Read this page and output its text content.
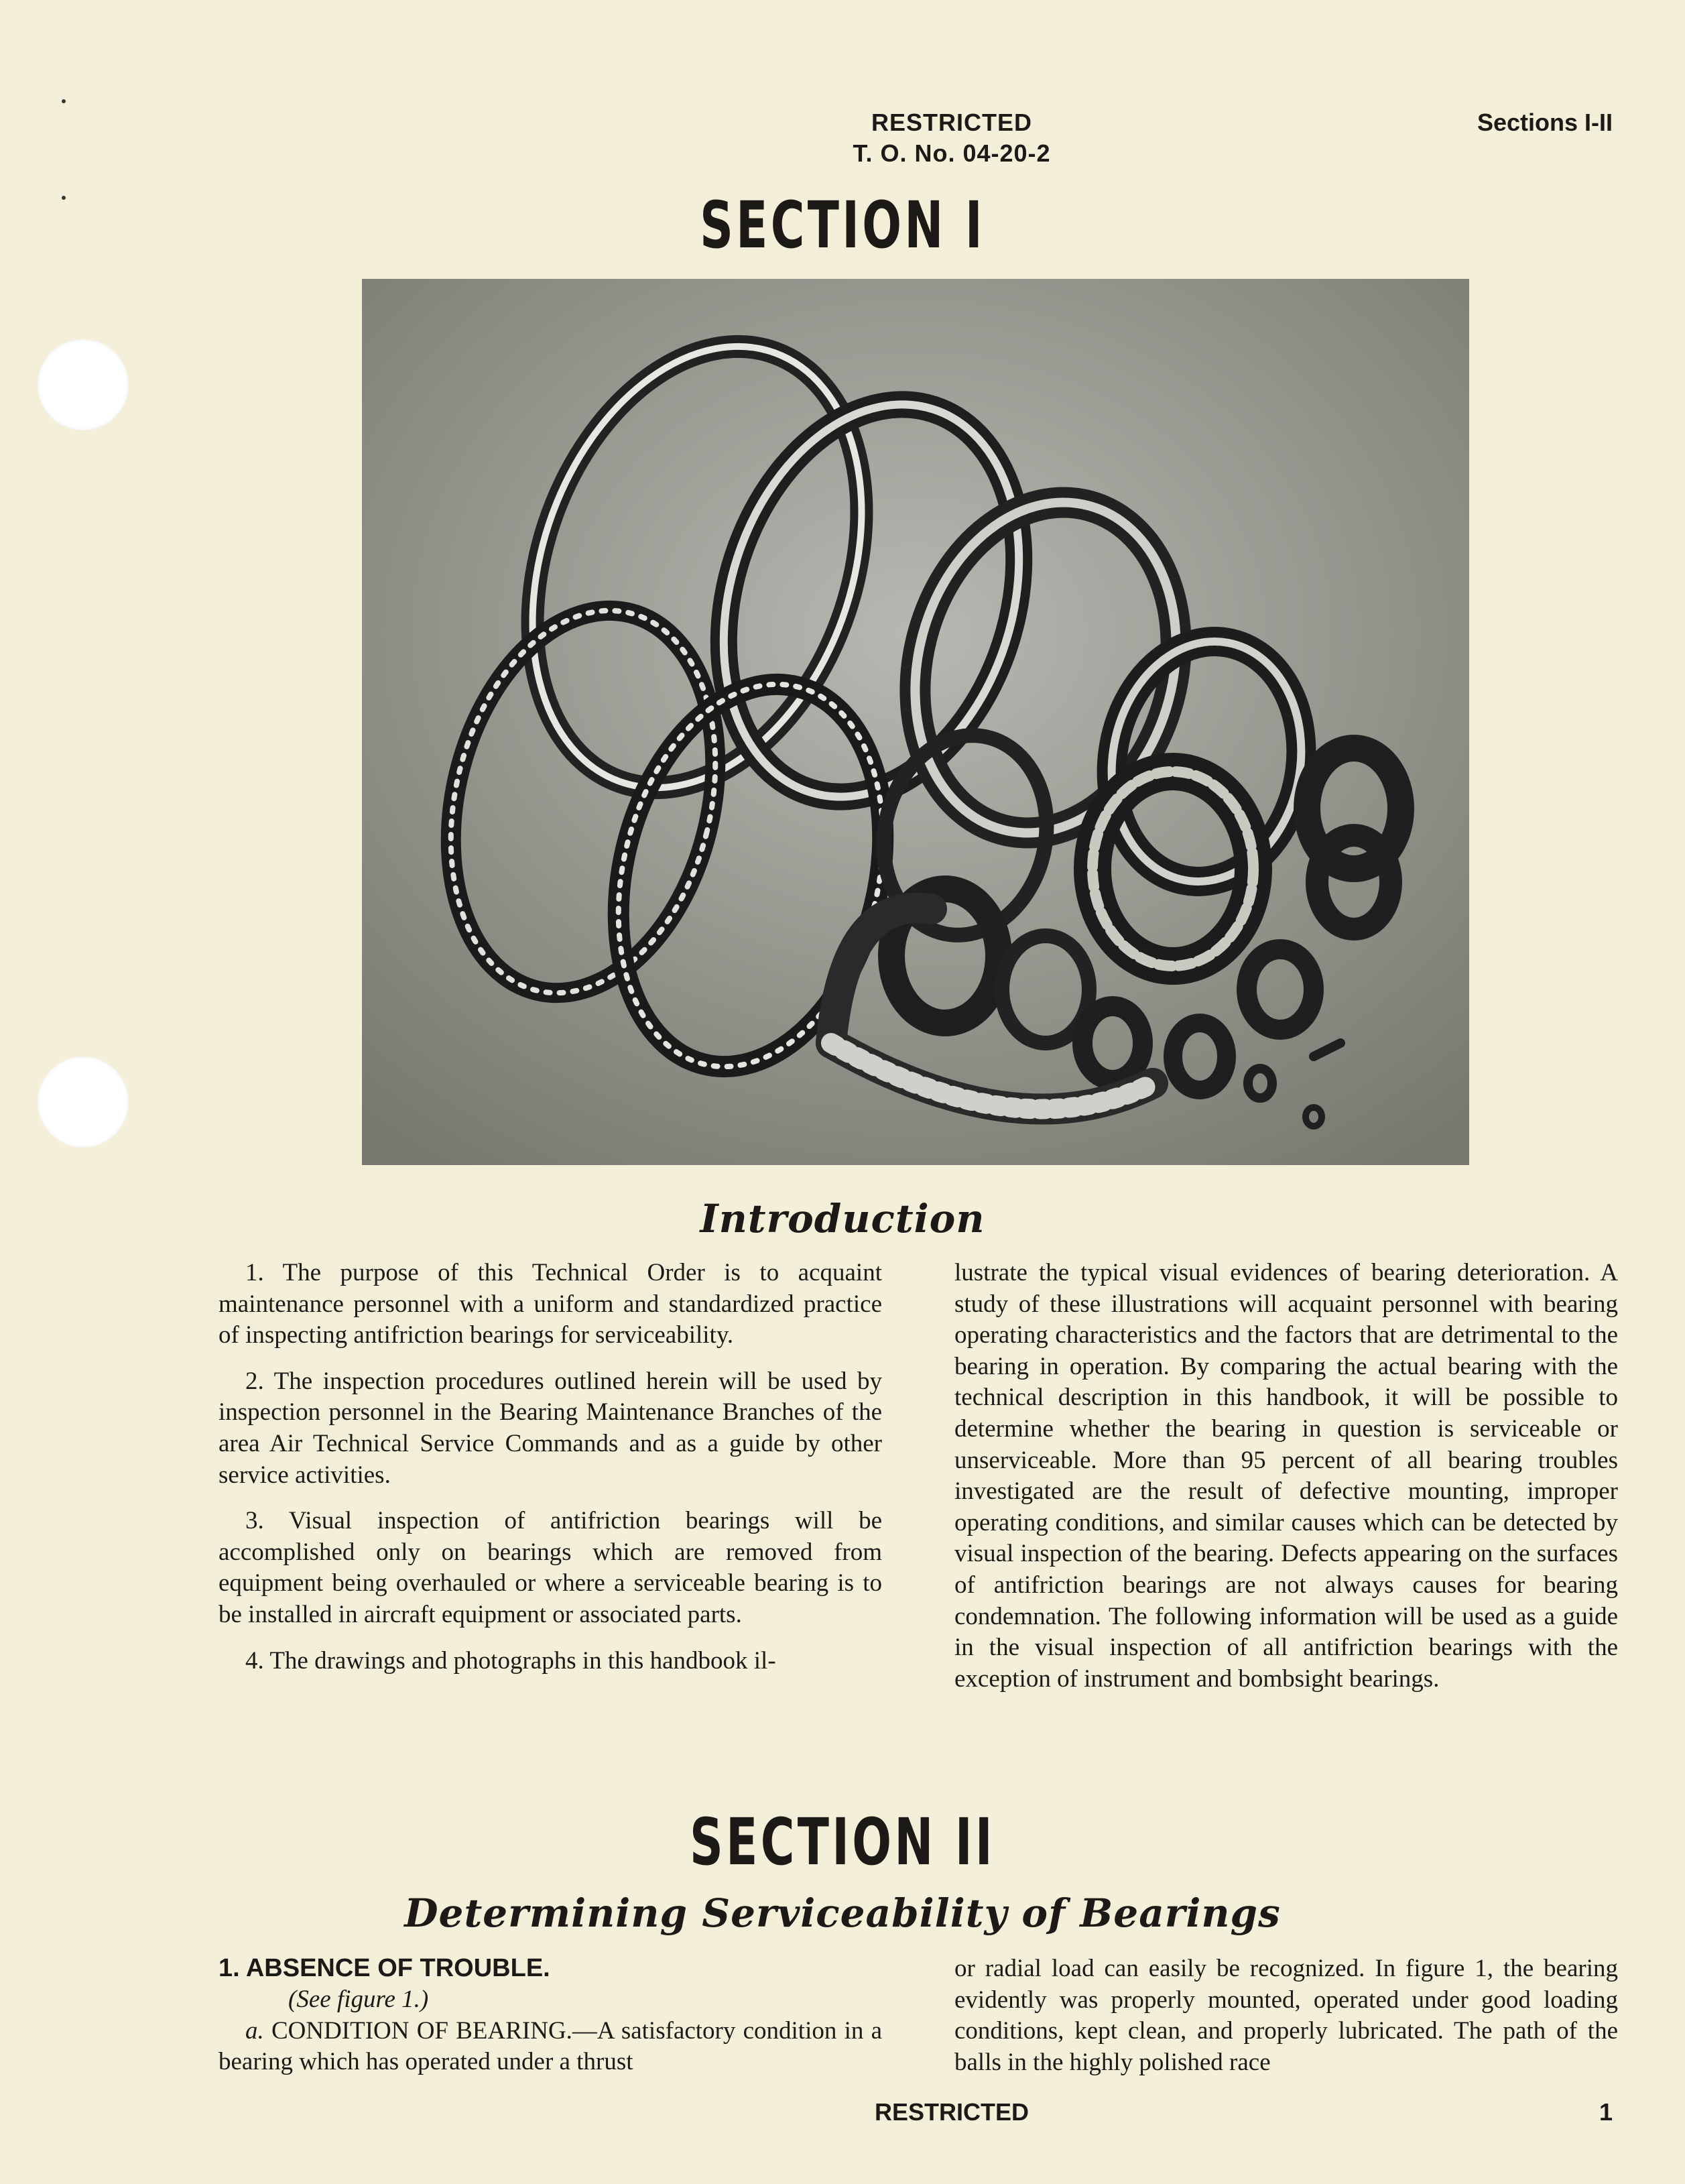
RESTRICTED
T. O. No. 04-20-2
Sections I-II
SECTION I
Introduction

1. The purpose of this Technical Order is to acquaint maintenance personnel with a uniform and standardized practice of inspecting antifriction bearings for serviceability.

2. The inspection procedures outlined herein will be used by inspection personnel in the Bearing Maintenance Branches of the area Air Technical Service Commands and as a guide by other service activities.

3. Visual inspection of antifriction bearings will be accomplished only on bearings which are removed from equipment being overhauled or where a serviceable bearing is to be installed in aircraft equipment or associated parts.

4. The drawings and photographs in this handbook il-

lustrate the typical visual evidences of bearing deterioration. A study of these illustrations will acquaint personnel with bearing operating characteristics and the factors that are detrimental to the bearing in operation. By comparing the actual bearing with the technical description in this handbook, it will be possible to determine whether the bearing in question is serviceable or unserviceable. More than 95 percent of all bearing troubles investigated are the result of defective mounting, improper operating conditions, and similar causes which can be detected by visual inspection of the bearing. Defects appearing on the surfaces of antifriction bearings are not always causes for bearing condemnation. The following information will be used as a guide in the visual inspection of all antifriction bearings with the exception of instrument and bombsight bearings.

SECTION II
Determining Serviceability of Bearings
1. ABSENCE OF TROUBLE.
(See figure 1.)

a. CONDITION OF BEARING.—A satisfactory condition in a bearing which has operated under a thrust

or radial load can easily be recognized. In figure 1, the bearing evidently was properly mounted, operated under good loading conditions, kept clean, and properly lubricated. The path of the balls in the highly polished race

RESTRICTED	1
